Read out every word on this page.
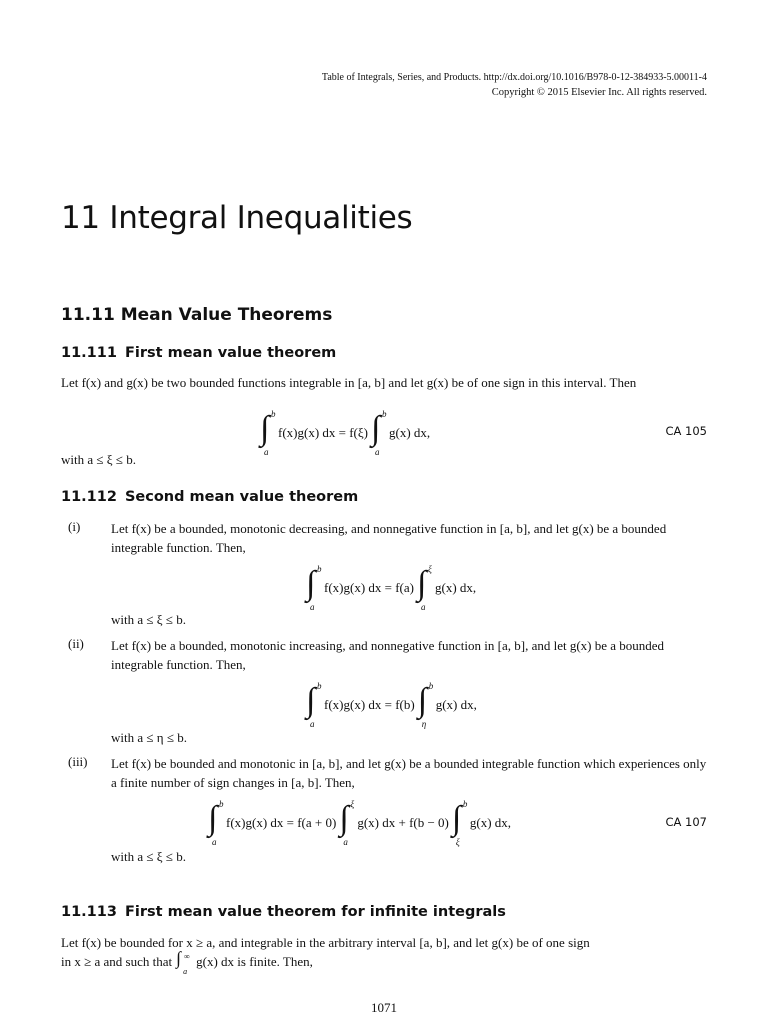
Table of Integrals, Series, and Products. http://dx.doi.org/10.1016/B978-0-12-384933-5.00011-4
Copyright © 2015 Elsevier Inc. All rights reserved.
11 Integral Inequalities
11.11 Mean Value Theorems
11.111 First mean value theorem
Let f(x) and g(x) be two bounded functions integrable in [a, b] and let g(x) be of one sign in this interval. Then
∫ b
a
f(x)g(x) dx = f(ξ) ∫ b
a
g(x) dx,	CA 105
with a ≤ ξ ≤ b.
11.112 Second mean value theorem
(i) Let f(x) be a bounded, monotonic decreasing, and nonnegative function in [a, b], and let g(x) be a bounded integrable function. Then,
∫ b
a
f(x)g(x) dx = f(a) ∫ ξ
a
g(x) dx,
with a ≤ ξ ≤ b.
(ii) Let f(x) be a bounded, monotonic increasing, and nonnegative function in [a, b], and let g(x) be a bounded integrable function. Then,
∫ b
a
f(x)g(x) dx = f(b) ∫ b
η
g(x) dx,
with a ≤ η ≤ b.
(iii) Let f(x) be bounded and monotonic in [a, b], and let g(x) be a bounded integrable function which experiences only a finite number of sign changes in [a, b]. Then,
∫ b
a
f(x)g(x) dx = f(a + 0) ∫ ξ
a
g(x) dx + f(b − 0) ∫ b
ξ
g(x) dx,	CA 107
with a ≤ ξ ≤ b.
11.113 First mean value theorem for infinite integrals
Let f(x) be bounded for x ≥ a, and integrable in the arbitrary interval [a, b], and let g(x) be of one sign
in x ≥ a and such that ∫ ∞
a
g(x) dx is finite. Then,
1071
